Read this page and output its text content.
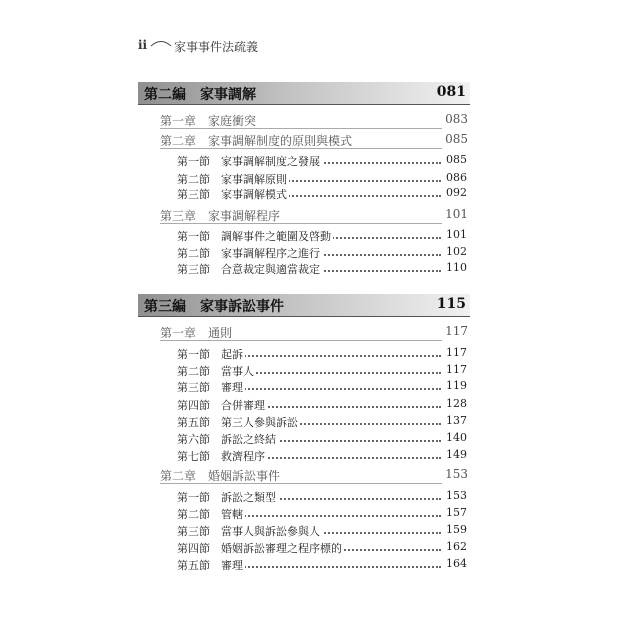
ii 家事事件法疏義
第二編　家事調解	081
第一章　家庭衝突	083
第二章　家事調解制度的原則與模式	085
第一節 家事調解制度之發展	085
第二節 家事調解原則	086
第三節 家事調解模式	092
第三章　家事調解程序	101
第一節 調解事件之範圍及啓動	101
第二節 家事調解程序之進行	102
第三節 合意裁定與適當裁定	110
第三編　家事訴訟事件	115
第一章　通則	117
第一節 起訴	117
第二節 當事人	117
第三節 審理	119
第四節 合併審理	128
第五節 第三人參與訴訟	137
第六節 訴訟之終結	140
第七節 救濟程序	149
第二章　婚姻訴訟事件	153
第一節 訴訟之類型	153
第二節 管轄	157
第三節 當事人與訴訟參與人	159
第四節 婚姻訴訟審理之程序標的	162
第五節 審理	164
